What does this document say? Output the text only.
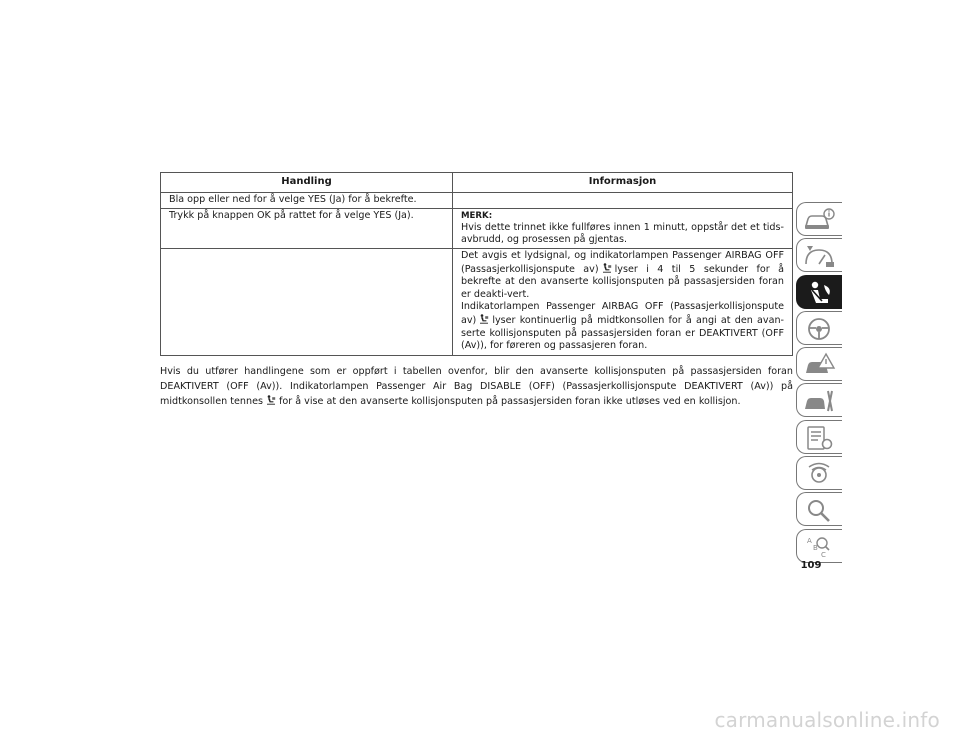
Handling	Informasjon
Bla opp eller ned for å velge YES (Ja) for å bekrefte.	
Trykk på knappen OK på rattet for å velge YES (Ja).	MERK:
Hvis dette trinnet ikke fullføres innen 1 minutt, oppstår det et tids-avbrudd, og prosessen på gjentas.
	Det avgis et lydsignal, og indikatorlampen Passenger AIRBAG OFF (Passasjerkollisjonspute av) lyser i 4 til 5 sekunder for å bekrefte at den avanserte kollisjonsputen på passasjersiden foran er deakti-vert.
Indikatorlampen Passenger AIRBAG OFF (Passasjerkollisjonspute av) lyser kontinuerlig på midtkonsollen for å angi at den avan-serte kollisjonsputen på passasjersiden foran er DEAKTIVERT (OFF (Av)), for føreren og passasjeren foran.

Hvis du utfører handlingene som er oppført i tabellen ovenfor, blir den avanserte kollisjonsputen på passasjersiden foran DEAKTIVERT (OFF (Av)). Indikatorlampen Passenger Air Bag DISABLE (OFF) (Passasjerkollisjonspute DEAKTIVERT (Av)) på midtkonsollen tennes for å vise at den avanserte kollisjonsputen på passasjersiden foran ikke utløses ved en kollisjon.

A
B
C
109
carmanualsonline.info
